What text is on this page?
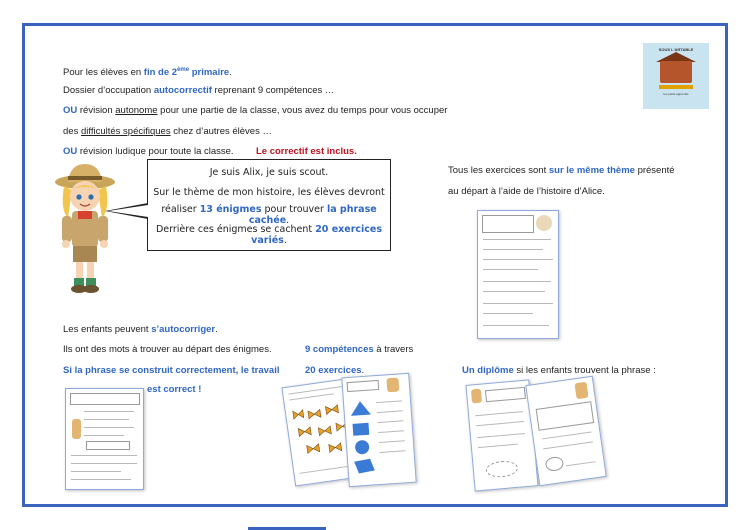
SOUS L'ARTABLE
les petits apprentis
Pour les élèves en fin de 2ème primaire.
Dossier d’occupation autocorrectif reprenant 9 compétences …
OU révision autonome pour une partie de la classe, vous avez du temps pour vous occuper
des difficultés spécifiques chez d’autres élèves …
OU révision ludique pour toute la classe. Le correctif est inclus.
Je suis Alix, je suis scout.
Sur le thème de mon histoire, les élèves devront
réaliser 13 énigmes pour trouver la phrase cachée.
Derrière ces énigmes se cachent 20 exercices variés.
Tous les exercices sont sur le même thème présenté
au départ à l’aide de l’histoire d’Alice.
Les enfants peuvent s’autocorriger.
Ils ont des mots à trouver au départ des énigmes.	9 compétences à travers
Si la phrase se construit correctement, le travail
est correct !
20 exercices.	Un diplôme si les enfants trouvent la phrase :
